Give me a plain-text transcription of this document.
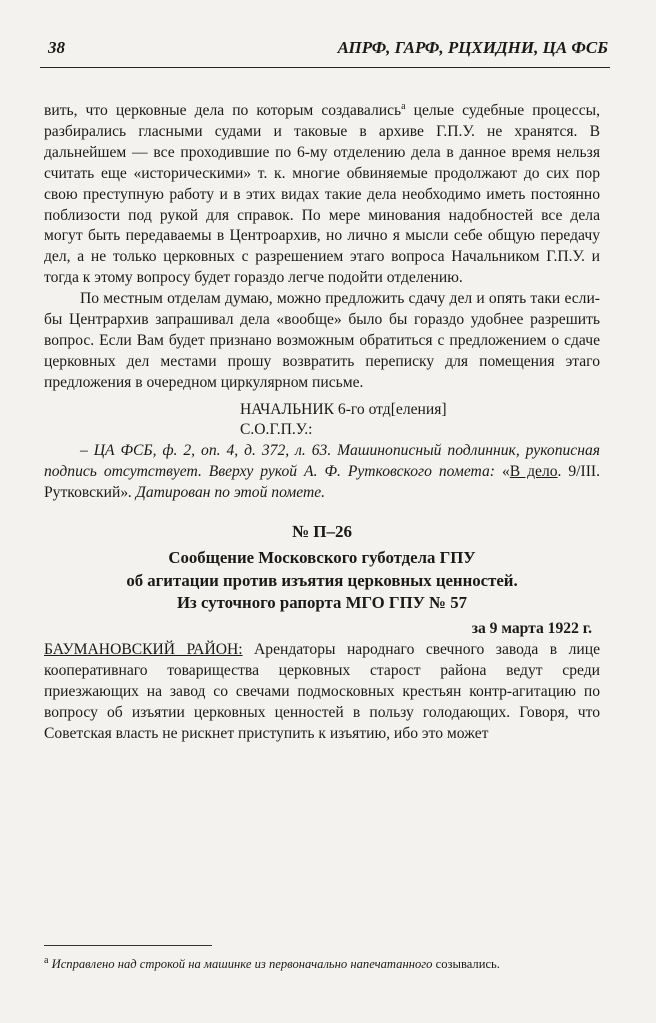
38	АПРФ, ГАРФ, РЦХИДНИ, ЦА ФСБ

вить, что церковные дела по которым создавались$^а$ целые судебные процессы, разбирались гласными судами и таковые в архиве Г.П.У. не хранятся. В дальнейшем — все проходившие по 6-му отделению дела в данное время нельзя считать еще «историческими» т. к. многие обвиняемые продолжают до сих пор свою преступную работу и в этих видах такие дела необходимо иметь постоянно поблизости под рукой для справок. По мере минования надобностей все дела могут быть передаваемы в Центроархив, но лично я мысли себе общую передачу дел, а не только церковных с разрешением этаго вопроса Начальником Г.П.У. и тогда к этому вопросу будет гораздо легче подойти отделению.

По местным отделам думаю, можно предложить сдачу дел и опять таки если-бы Центрархив запрашивал дела «вообще» было бы гораздо удобнее разрешить вопрос. Если Вам будет признано возможным обратиться с предложением о сдаче церковных дел местами прошу возвратить переписку для помещения этаго предложения в очередном циркулярном письме.

НАЧАЛЬНИК 6-го отд[еления]
С.О.Г.П.У.:

– ЦА ФСБ, ф. 2, оп. 4, д. 372, л. 63. Машинописный подлинник, рукописная подпись отсутствует. Вверху рукой А. Ф. Рутковского помета: «В дело. 9/III. Рутковский». Датирован по этой помете.

№ П–26
Сообщение Московского губотдела ГПУ
об агитации против изъятия церковных ценностей.
Из суточного рапорта МГО ГПУ № 57
за 9 марта 1922 г.

БАУМАНОВСКИЙ РАЙОН: Арендаторы народнаго свечного завода в лице кооперативнаго товарищества церковных старост района ведут среди приезжающих на завод со свечами подмосковных крестьян контр-агитацию по вопросу об изъятии церковных ценностей в пользу голодающих. Говоря, что Советская власть не рискнет приступить к изъятию, ибо это может

$^а$ Исправлено над строкой на машинке из первоначально напечатанного созывались.
